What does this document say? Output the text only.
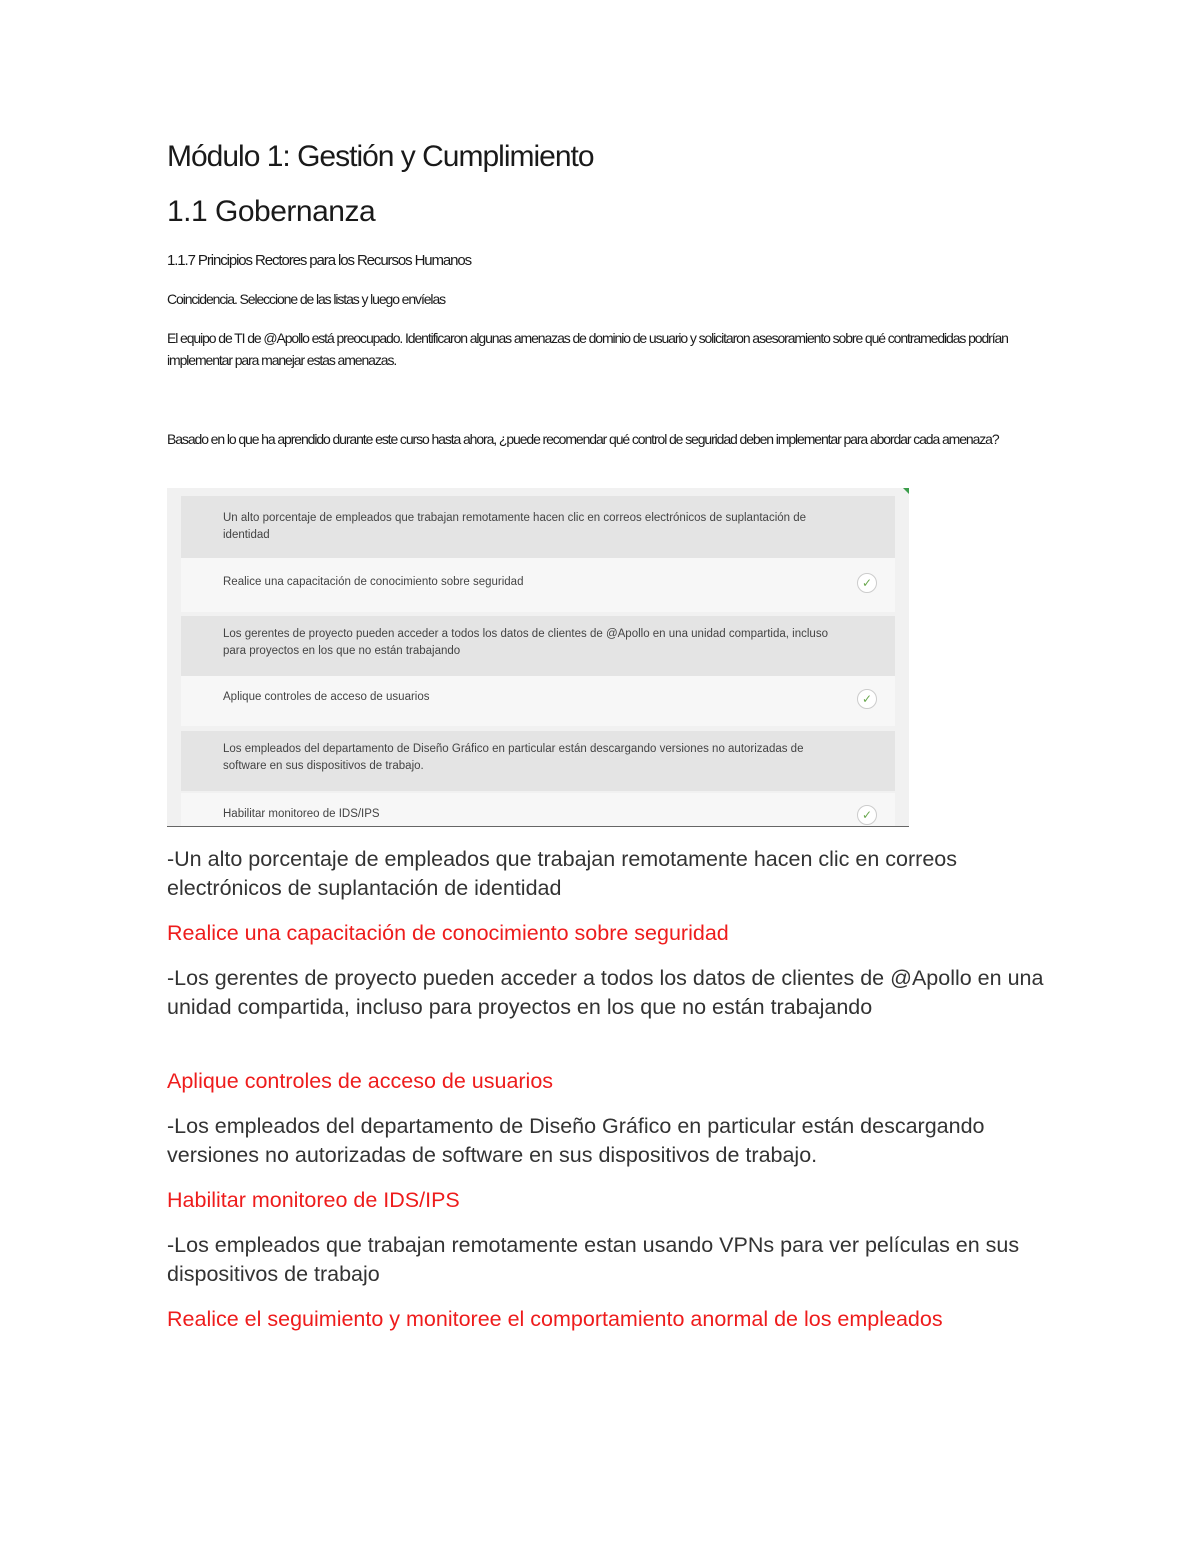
Módulo 1: Gestión y Cumplimiento
1.1 Gobernanza
1.1.7 Principios Rectores para los Recursos Humanos
Coincidencia. Seleccione de las listas y luego envíelas
El equipo de TI de @Apollo está preocupado. Identificaron algunas amenazas de dominio de usuario y solicitaron asesoramiento sobre qué contramedidas podrían implementar para manejar estas amenazas.
Basado en lo que ha aprendido durante este curso hasta ahora, ¿puede recomendar qué control de seguridad deben implementar para abordar cada amenaza?
Un alto porcentaje de empleados que trabajan remotamente hacen clic en correos electrónicos de suplantación de identidad
Realice una capacitación de conocimiento sobre seguridad	✓
Los gerentes de proyecto pueden acceder a todos los datos de clientes de @Apollo en una unidad compartida, incluso para proyectos en los que no están trabajando
Aplique controles de acceso de usuarios	✓
Los empleados del departamento de Diseño Gráfico en particular están descargando versiones no autorizadas de software en sus dispositivos de trabajo.
Habilitar monitoreo de IDS/IPS	✓
-Un alto porcentaje de empleados que trabajan remotamente hacen clic en correos electrónicos de suplantación de identidad
Realice una capacitación de conocimiento sobre seguridad
-Los gerentes de proyecto pueden acceder a todos los datos de clientes de @Apollo en una unidad compartida, incluso para proyectos en los que no están trabajando
Aplique controles de acceso de usuarios
-Los empleados del departamento de Diseño Gráfico en particular están descargando versiones no autorizadas de software en sus dispositivos de trabajo.
Habilitar monitoreo de IDS/IPS
-Los empleados que trabajan remotamente estan usando VPNs para ver películas en sus dispositivos de trabajo
Realice el seguimiento y monitoree el comportamiento anormal de los empleados
